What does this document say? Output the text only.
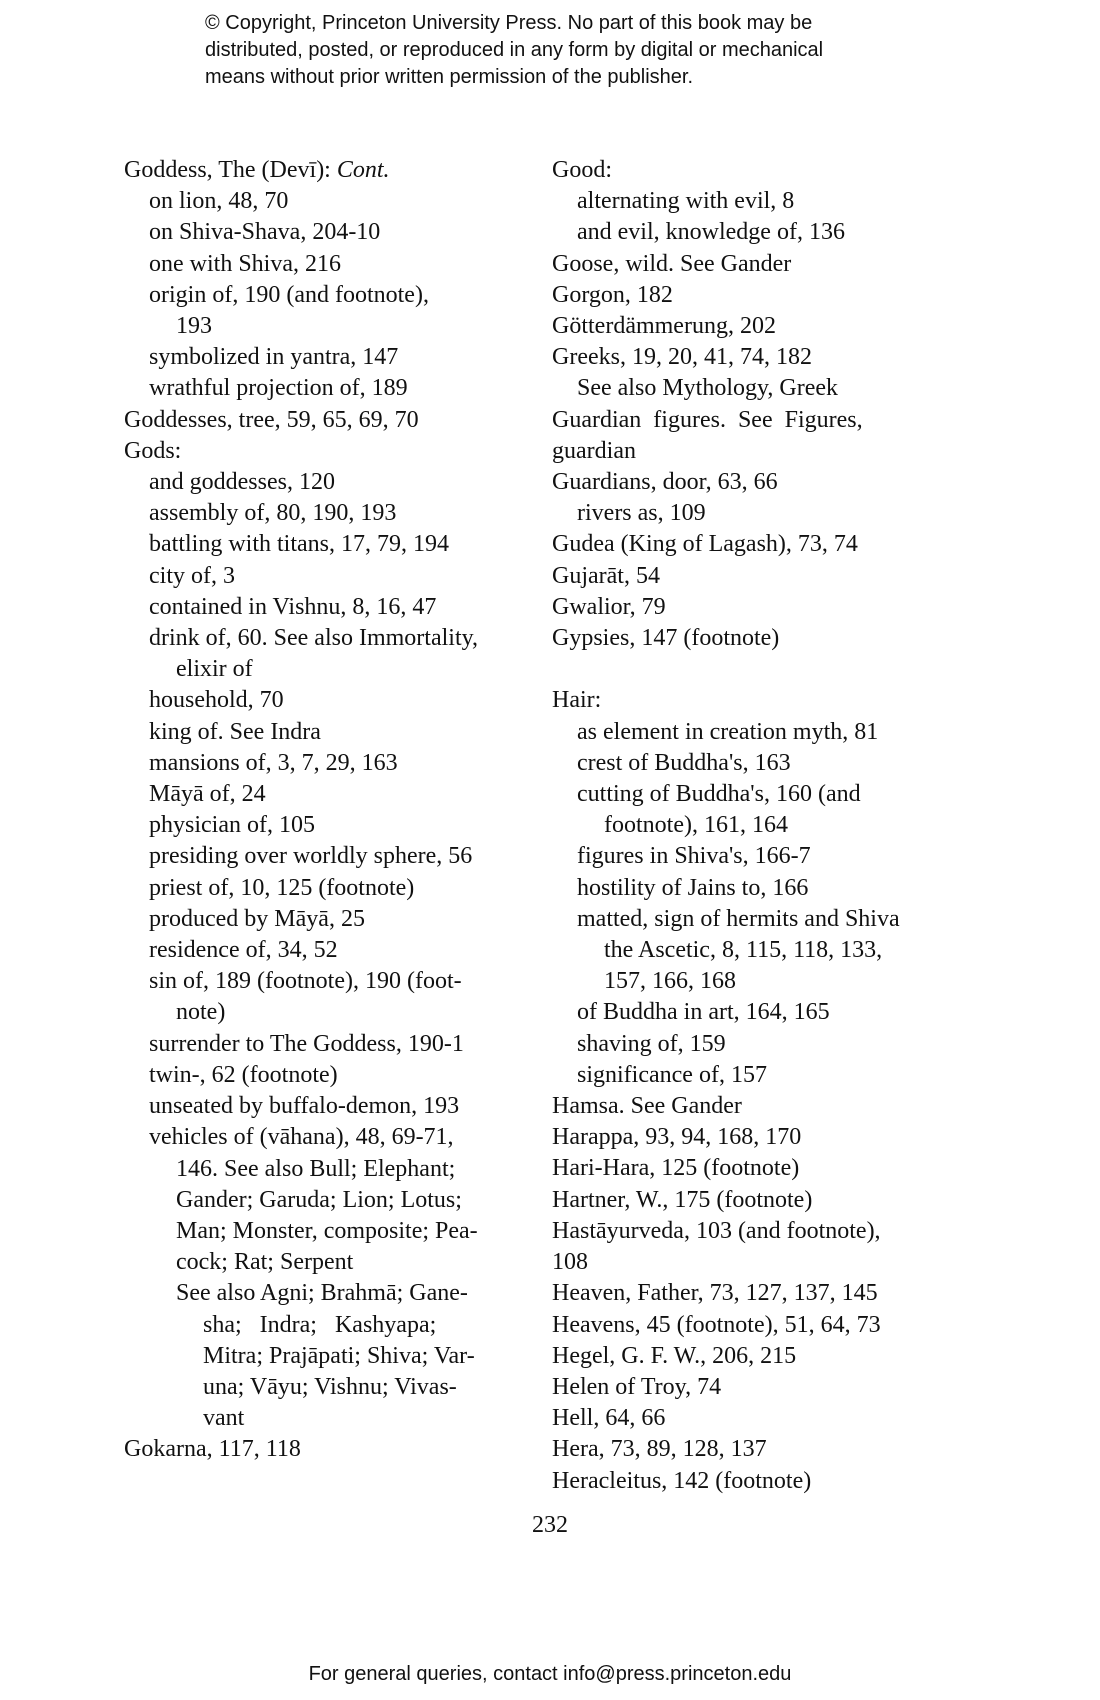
© Copyright, Princeton University Press. No part of this book may be
distributed, posted, or reproduced in any form by digital or mechanical
means without prior written permission of the publisher.
Goddess, The (Devī): Cont.
on lion, 48, 70
on Shiva-Shava, 204-10
one with Shiva, 216
origin of, 190 (and footnote),
193
symbolized in yantra, 147
wrathful projection of, 189
Goddesses, tree, 59, 65, 69, 70
Gods:
and goddesses, 120
assembly of, 80, 190, 193
battling with titans, 17, 79, 194
city of, 3
contained in Vishnu, 8, 16, 47
drink of, 60. See also Immortality,
elixir of
household, 70
king of. See Indra
mansions of, 3, 7, 29, 163
Māyā of, 24
physician of, 105
presiding over worldly sphere, 56
priest of, 10, 125 (footnote)
produced by Māyā, 25
residence of, 34, 52
sin of, 189 (footnote), 190 (foot-
note)
surrender to The Goddess, 190-1
twin-, 62 (footnote)
unseated by buffalo-demon, 193
vehicles of (vāhana), 48, 69-71,
146. See also Bull; Elephant;
Gander; Garuda; Lion; Lotus;
Man; Monster, composite; Pea-
cock; Rat; Serpent
See also Agni; Brahmā; Gane-
sha;   Indra;   Kashyapa;
Mitra; Prajāpati; Shiva; Var-
una; Vāyu; Vishnu; Vivas-
vant
Gokarna, 117, 118
Good:
alternating with evil, 8
and evil, knowledge of, 136
Goose, wild. See Gander
Gorgon, 182
Götterdämmerung, 202
Greeks, 19, 20, 41, 74, 182
See also Mythology, Greek
Guardian  figures.  See  Figures,
guardian
Guardians, door, 63, 66
rivers as, 109
Gudea (King of Lagash), 73, 74
Gujarāt, 54
Gwalior, 79
Gypsies, 147 (footnote)
Hair:
as element in creation myth, 81
crest of Buddha's, 163
cutting of Buddha's, 160 (and
footnote), 161, 164
figures in Shiva's, 166-7
hostility of Jains to, 166
matted, sign of hermits and Shiva
the Ascetic, 8, 115, 118, 133,
157, 166, 168
of Buddha in art, 164, 165
shaving of, 159
significance of, 157
Hamsa. See Gander
Harappa, 93, 94, 168, 170
Hari-Hara, 125 (footnote)
Hartner, W., 175 (footnote)
Hastāyurveda, 103 (and footnote),
108
Heaven, Father, 73, 127, 137, 145
Heavens, 45 (footnote), 51, 64, 73
Hegel, G. F. W., 206, 215
Helen of Troy, 74
Hell, 64, 66
Hera, 73, 89, 128, 137
Heracleitus, 142 (footnote)
232
For general queries, contact info@press.princeton.edu
